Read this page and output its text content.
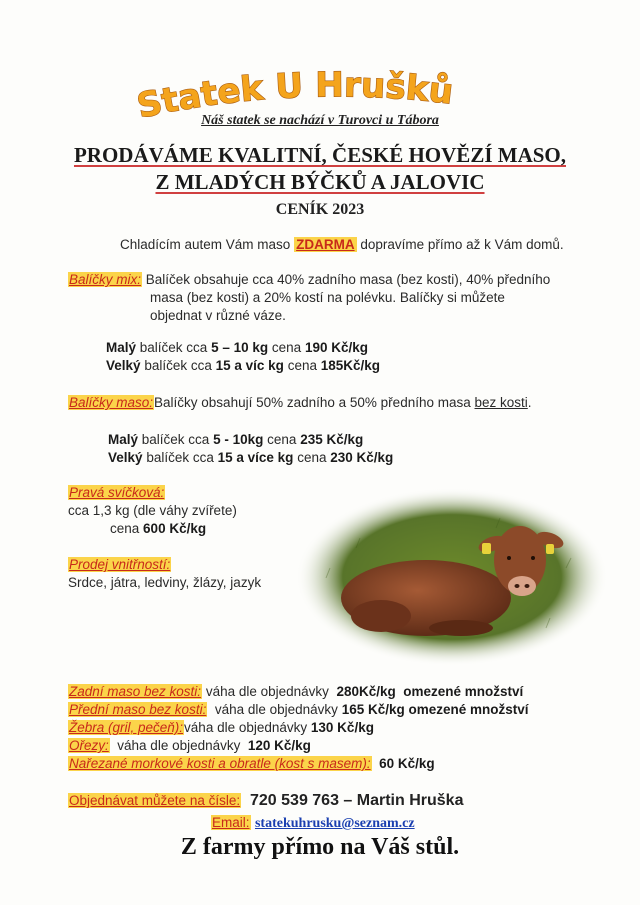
Statek U Hrušků
Náš statek se nachází v Turovci u Tábora
PRODÁVÁME KVALITNÍ, ČESKÉ HOVĚZÍ MASO,
Z MLADÝCH BÝČKŮ A JALOVIC
CENÍK 2023
Chladícím autem Vám maso ZDARMA dopravíme přímo až k Vám domů.
Balíčky mix: Balíček obsahuje cca 40% zadního masa (bez kosti), 40% předního
masa (bez kosti) a 20% kostí na polévku. Balíčky si můžete
objednat v různé váze.
Malý balíček cca 5 – 10 kg cena 190 Kč/kg
Velký balíček cca 15 a víc kg cena 185Kč/kg
Balíčky maso:Balíčky obsahují 50% zadního a 50% předního masa bez kosti.
Malý balíček cca 5 - 10kg cena 235 Kč/kg
Velký balíček cca 15 a více kg cena 230 Kč/kg
Pravá svíčková:
cca 1,3 kg (dle váhy zvířete)
cena 600 Kč/kg
Prodej vnitřností:
Srdce, játra, ledviny, žlázy, jazyk
Zadní maso bez kosti: váha dle objednávky 280Kč/kg omezené množství
Přední maso bez kosti: váha dle objednávky 165 Kč/kg omezené množství
Žebra (gril, pečeň):váha dle objednávky 130 Kč/kg
Ořezy: váha dle objednávky 120 Kč/kg
Nařezané morkové kosti a obratle (kost s masem): 60 Kč/kg
Objednávat můžete na čísle: 720 539 763 – Martin Hruška
Email: statekuhrusku@seznam.cz
Z farmy přímo na Váš stůl.
